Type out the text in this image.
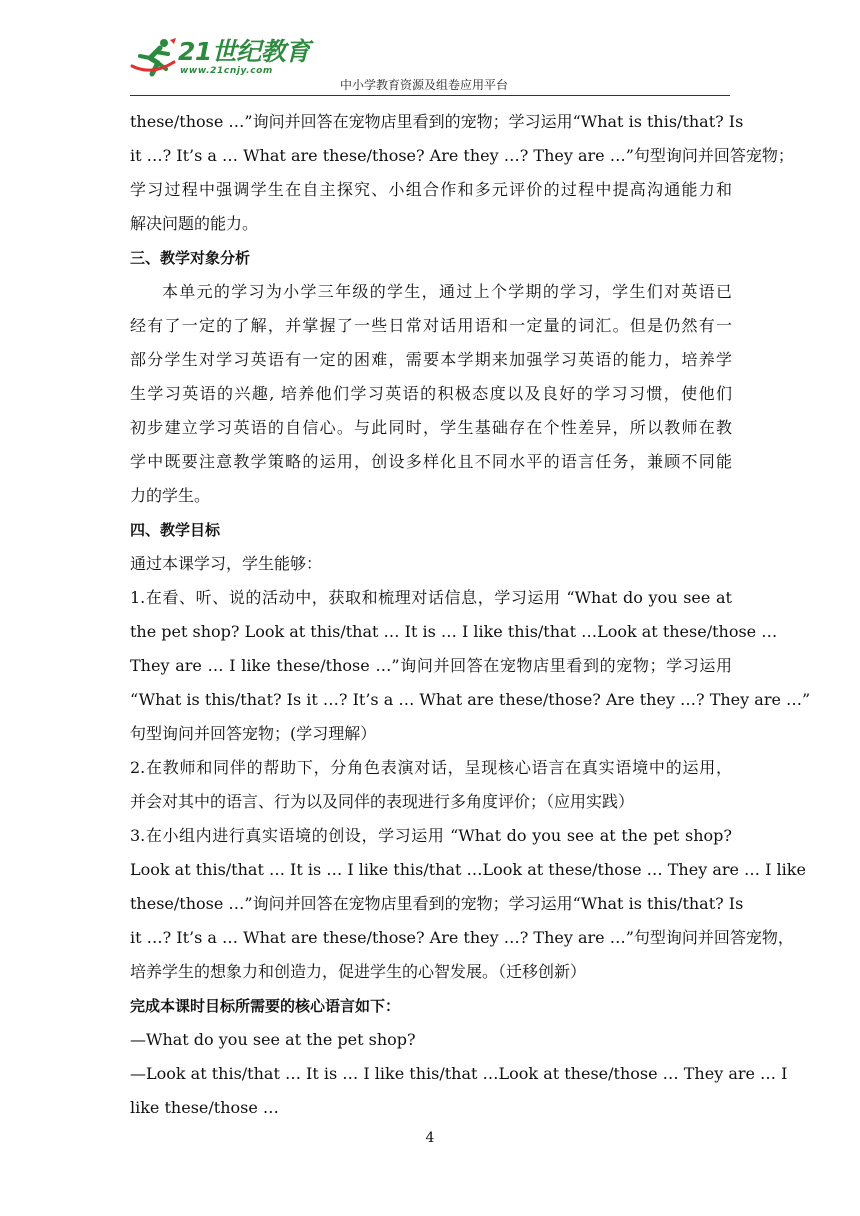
21世纪教育
www.21cnjy.com
中小学教育资源及组卷应用平台
these/those …”询问并回答在宠物店里看到的宠物；学习运用“What is this/that? Is
it …? It’s a … What are these/those? Are they …? They are …”句型询问并回答宠物；
学习过程中强调学生在自主探究、小组合作和多元评价的过程中提高沟通能力和
解决问题的能力。
三、教学对象分析
本单元的学习为小学三年级的学生，通过上个学期的学习，学生们对英语已
经有了一定的了解，并掌握了一些日常对话用语和一定量的词汇。但是仍然有一
部分学生对学习英语有一定的困难，需要本学期来加强学习英语的能力，培养学
生学习英语的兴趣, 培养他们学习英语的积极态度以及良好的学习习惯，使他们
初步建立学习英语的自信心。与此同时，学生基础存在个性差异，所以教师在教
学中既要注意教学策略的运用，创设多样化且不同水平的语言任务，兼顾不同能
力的学生。
四、教学目标
通过本课学习，学生能够：
1.在看、听、说的活动中，获取和梳理对话信息，学习运用 “What do you see at
the pet shop? Look at this/that … It is … I like this/that …Look at these/those …
They are … I like these/those …”询问并回答在宠物店里看到的宠物；学习运用
“What is this/that? Is it …? It’s a … What are these/those? Are they …? They are …”
句型询问并回答宠物；(学习理解）
2.在教师和同伴的帮助下，分角色表演对话，呈现核心语言在真实语境中的运用，
并会对其中的语言、行为以及同伴的表现进行多角度评价；（应用实践）
3.在小组内进行真实语境的创设，学习运用 “What do you see at the pet shop?
Look at this/that … It is … I like this/that …Look at these/those … They are … I like
these/those …”询问并回答在宠物店里看到的宠物；学习运用“What is this/that? Is
it …? It’s a … What are these/those? Are they …? They are …”句型询问并回答宠物，
培养学生的想象力和创造力，促进学生的心智发展。（迁移创新）
完成本课时目标所需要的核心语言如下：
—What do you see at the pet shop?
—Look at this/that … It is … I like this/that …Look at these/those … They are … I
like these/those …
4
